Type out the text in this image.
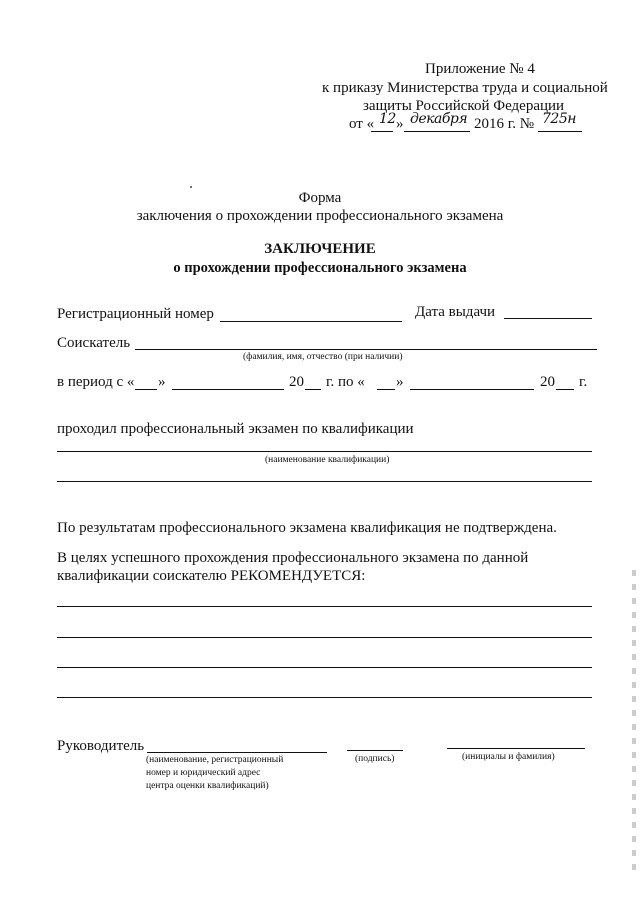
Приложение № 4
к приказу Министерства труда и социальной
защиты Российской Федерации
от « 12 » декабря 2016 г. № 725н
Форма
заключения о прохождении профессионального экзамена
ЗАКЛЮЧЕНИЕ
о прохождении профессионального экзамена
Регистрационный номер	Дата выдачи
Соискатель
(фамилия, имя, отчество (при наличии)
в период с « »	20 г. по « »	20 г.
проходил профессиональный экзамен по квалификации
(наименование квалификации)
По результатам профессионального экзамена квалификация не подтверждена.
В целях успешного прохождения профессионального экзамена по данной
квалификации соискателю РЕКОМЕНДУЕТСЯ:
Руководитель
(наименование, регистрационный
номер и юридический адрес
центра оценки квалификаций)
(подпись)	(инициалы и фамилия)
